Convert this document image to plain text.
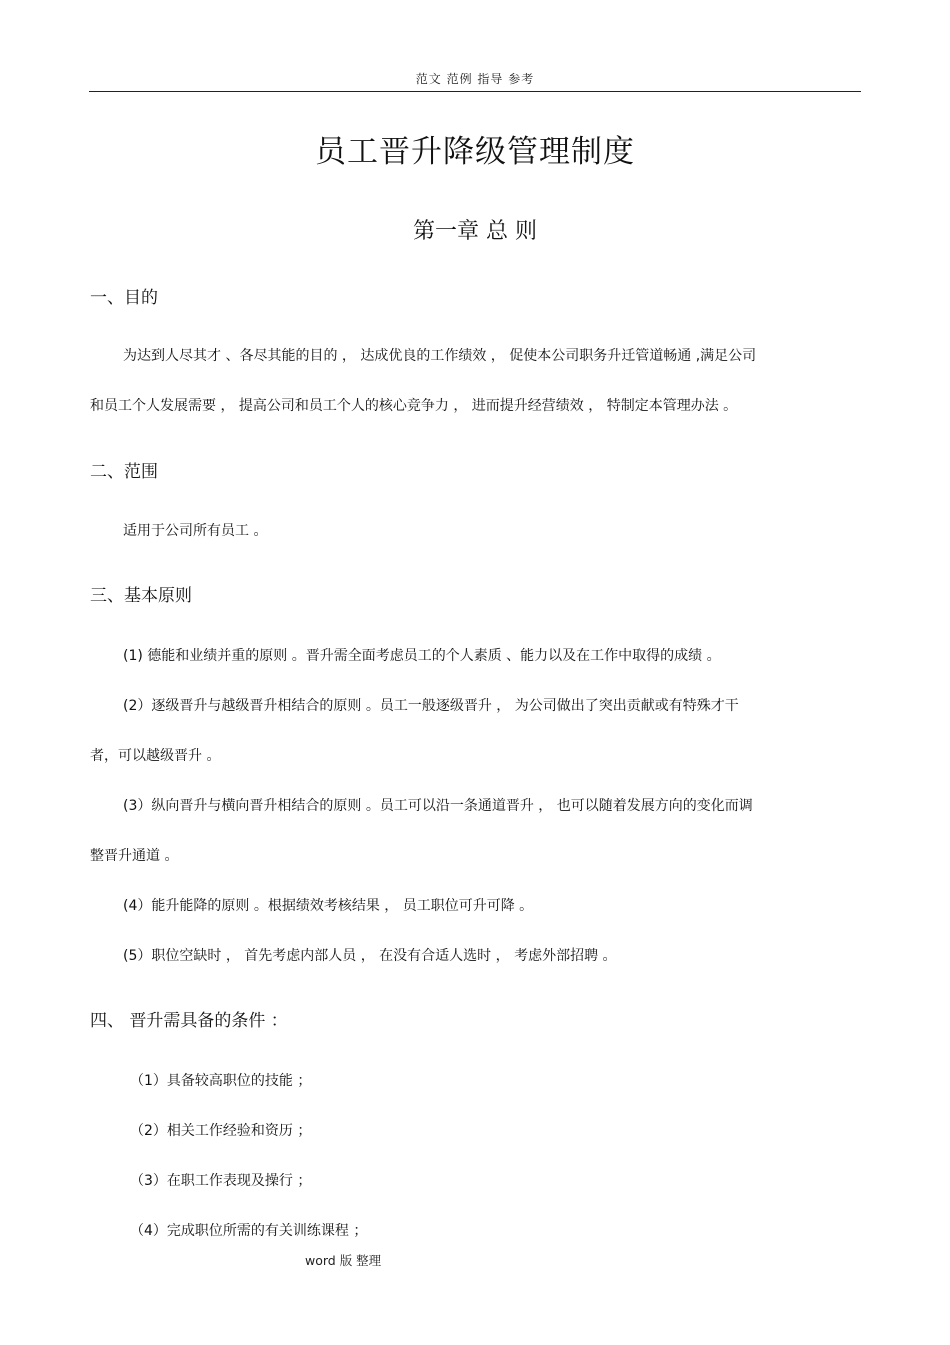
范文 范例 指导 参考
员工晋升降级管理制度
第一章 总 则
一、目的
为达到人尽其才 、各尽其能的目的 ， 达成优良的工作绩效 ， 促使本公司职务升迁管道畅通 ,满足公司
和员工个人发展需要 ， 提高公司和员工个人的核心竞争力 ， 进而提升经营绩效 ， 特制定本管理办法 。
二、范围
适用于公司所有员工 。
三、基本原则
(1) 德能和业绩并重的原则 。晋升需全面考虑员工的个人素质 、能力以及在工作中取得的成绩 。
(2）逐级晋升与越级晋升相结合的原则 。员工一般逐级晋升 ， 为公司做出了突出贡献或有特殊才干
者，可以越级晋升 。
(3）纵向晋升与横向晋升相结合的原则 。员工可以沿一条通道晋升 ， 也可以随着发展方向的变化而调
整晋升通道 。
(4）能升能降的原则 。根据绩效考核结果 ， 员工职位可升可降 。
(5）职位空缺时 ， 首先考虑内部人员 ， 在没有合适人选时 ， 考虑外部招聘 。
四、 晋升需具备的条件 ：
（1）具备较高职位的技能 ；
（2）相关工作经验和资历 ；
（3）在职工作表现及操行 ；
（4）完成职位所需的有关训练课程 ；
word 版 整理
